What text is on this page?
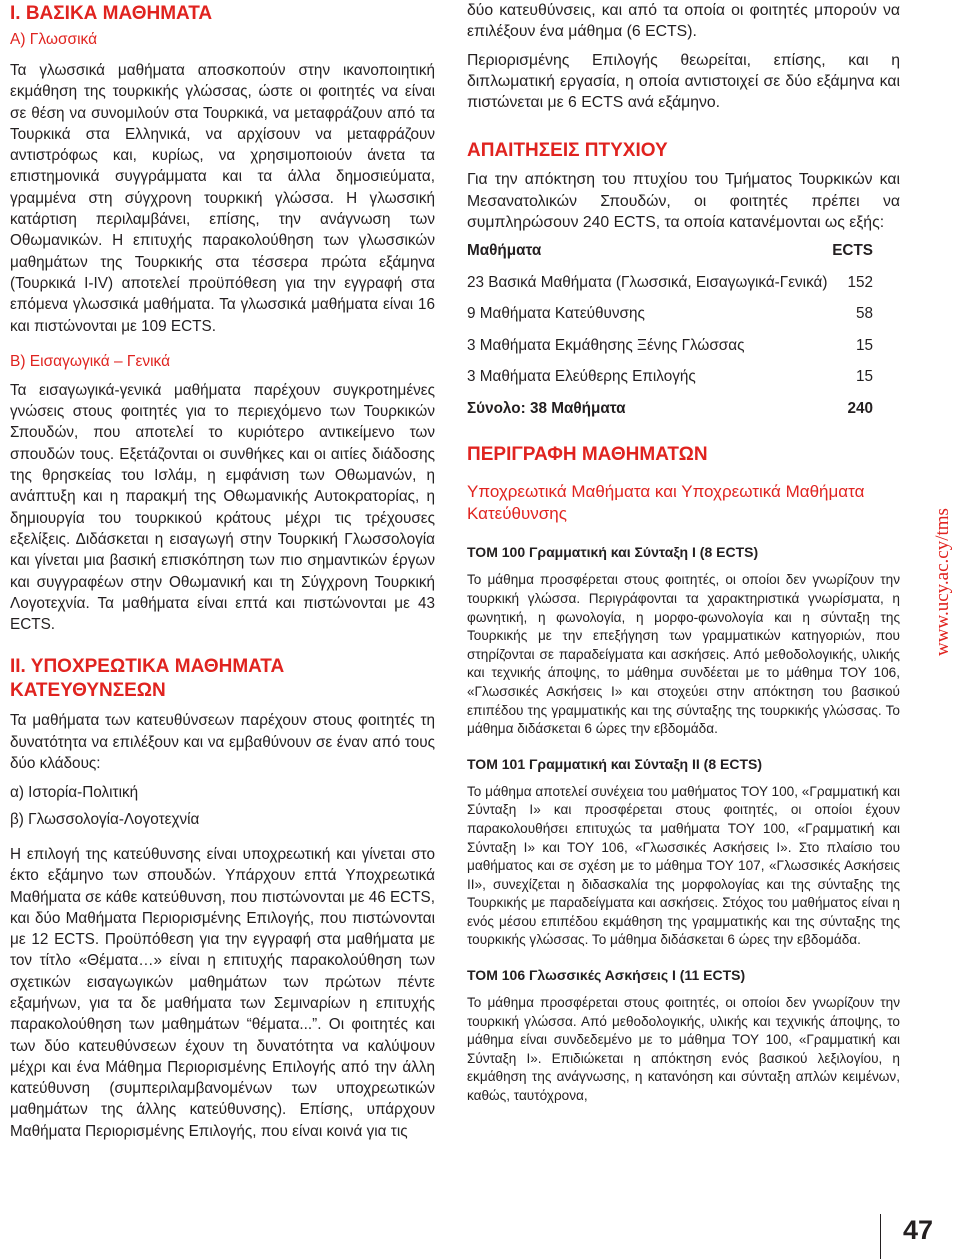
I. ΒΑΣΙΚΑ ΜΑΘΗΜΑΤΑ
Α) Γλωσσικά

Τα γλωσσικά μαθήματα αποσκοπούν στην ικανοποιητική εκμάθηση της τουρκικής γλώσσας, ώστε οι φοιτητές να είναι σε θέση να συνομιλούν στα Τουρκικά, να μεταφράζουν από τα Τουρκικά στα Ελληνικά, να αρχίσουν να μεταφράζουν αντιστρόφως και, κυρίως, να χρησιμοποιούν άνετα τα επιστημονικά συγγράμματα και τα άλλα δημοσιεύματα, γραμμένα στη σύγχρονη τουρκική γλώσσα. Η γλωσσική κατάρτιση περιλαμβάνει, επίσης, την ανάγνωση των Οθωμανικών. Η επιτυχής παρακολούθηση των γλωσσικών μαθημάτων της Τουρκικής στα τέσσερα πρώτα εξάμηνα (Τουρκικά I-IV) αποτελεί προϋπόθεση για την εγγραφή στα επόμενα γλωσσικά μαθήματα. Τα γλωσσικά μαθήματα είναι 16 και πιστώνονται με 109 ECTS.

Β) Εισαγωγικά – Γενικά

Τα εισαγωγικά-γενικά μαθήματα παρέχουν συγκροτημένες γνώσεις στους φοιτητές για το περιεχόμενο των Τουρκικών Σπουδών, που αποτελεί το κυριότερο αντικείμενο των σπουδών τους. Εξετάζονται οι συνθήκες και οι αιτίες διάδοσης της θρησκείας του Ισλάμ, η εμφάνιση των Οθωμανών, η ανάπτυξη και η παρακμή της Οθωμανικής Αυτοκρατορίας, η δημιουργία του τουρκικού κράτους μέχρι τις τρέχουσες εξελίξεις. Διδάσκεται η εισαγωγή στην Τουρκική Γλωσσολογία και γίνεται μια βασική επισκόπηση των πιο σημαντικών έργων και συγγραφέων στην Οθωμανική και τη Σύγχρονη Τουρκική Λογοτεχνία. Τα μαθήματα είναι επτά και πιστώνονται με 43 ECTS.

ΙΙ. ΥΠΟΧΡΕΩΤΙΚΑ ΜΑΘΗΜΑΤΑ ΚΑΤΕΥΘΥΝΣΕΩΝ

Τα μαθήματα των κατευθύνσεων παρέχουν στους φοιτητές τη δυνατότητα να επιλέξουν και να εμβαθύνουν σε έναν από τους δύο κλάδους:

α) Ιστορία-Πολιτική

β) Γλωσσολογία-Λογοτεχνία

Η επιλογή της κατεύθυνσης είναι υποχρεωτική και γίνεται στο έκτο εξάμηνο των σπουδών. Υπάρχουν επτά Υποχρεωτικά Μαθήματα σε κάθε κατεύθυνση, που πιστώνονται με 46 ECTS, και δύο Μαθήματα Περιορισμένης Επιλογής, που πιστώνονται με 12 ECTS. Προϋπόθεση για την εγγραφή στα μαθήματα με τον τίτλο «Θέματα…» είναι η επιτυχής παρακολούθηση των σχετικών εισαγωγικών μαθημάτων των πρώτων πέντε εξαμήνων, για τα δε μαθήματα των Σεμιναρίων η επιτυχής παρακολούθηση των μαθημάτων “θέματα...”. Οι φοιτητές και των δύο κατευθύνσεων έχουν τη δυνατότητα να καλύψουν μέχρι και ένα Μάθημα Περιορισμένης Επιλογής από την άλλη κατεύθυνση (συμπεριλαμβανομένων των υποχρεωτικών μαθημάτων της άλλης κατεύθυνσης). Επίσης, υπάρχουν Μαθήματα Περιορισμένης Επιλογής, που είναι κοινά για τις

δύο κατευθύνσεις, και από τα οποία οι φοιτητές μπορούν να επιλέξουν ένα μάθημα (6 ECTS).

Περιορισμένης Επιλογής θεωρείται, επίσης, και η διπλωματική εργασία, η οποία αντιστοιχεί σε δύο εξάμηνα και πιστώνεται με 6 ECTS ανά εξάμηνο.

ΑΠΑΙΤΗΣΕΙΣ ΠΤΥΧΙΟΥ

Για την απόκτηση του πτυχίου του Τμήματος Τουρκικών και Μεσανατολικών Σπουδών, οι φοιτητές πρέπει να συμπληρώσουν 240 ECTS, τα οποία κατανέμονται ως εξής:

Μαθήματα	ECTS
23 Βασικά Μαθήματα (Γλωσσικά, Εισαγωγικά-Γενικά)	152
9 Μαθήματα Κατεύθυνσης	58
3 Μαθήματα Εκμάθησης Ξένης Γλώσσας	15
3 Μαθήματα Ελεύθερης Επιλογής	15
Σύνολο: 38 Μαθήματα	240
ΠΕΡΙΓΡΑΦΗ ΜΑΘΗΜΑΤΩΝ
Υποχρεωτικά Μαθήματα και Υποχρεωτικά Μαθήματα Κατεύθυνσης
ΤΟΜ 100 Γραμματική και Σύνταξη I (8 ECTS)

Το μάθημα προσφέρεται στους φοιτητές, οι οποίοι δεν γνωρίζουν την τουρκική γλώσσα. Περιγράφονται τα χαρακτηριστικά γνωρίσματα, η φωνητική, η φωνολογία, η μορφο-φωνολογία και η σύνταξη της Τουρκικής με την επεξήγηση των γραμματικών κατηγοριών, που στηρίζονται σε παραδείγματα και ασκήσεις. Από μεθοδολογικής, υλικής και τεχνικής άποψης, το μάθημα συνδέεται με το μάθημα ΤΟΥ 106, «Γλωσσικές Ασκήσεις I» και στοχεύει στην απόκτηση του βασικού επιπέδου της γραμματικής και της σύνταξης της τουρκικής γλώσσας. Το μάθημα διδάσκεται 6 ώρες την εβδομάδα.

ΤΟΜ 101 Γραμματική και Σύνταξη II (8 ECTS)

Το μάθημα αποτελεί συνέχεια του μαθήματος ΤΟΥ 100, «Γραμματική και Σύνταξη I» και προσφέρεται στους φοιτητές, οι οποίοι έχουν παρακολουθήσει επιτυχώς τα μαθήματα ΤΟΥ 100, «Γραμματική και Σύνταξη I» και ΤΟΥ 106, «Γλωσσικές Ασκήσεις I». Στο πλαίσιο του μαθήματος και σε σχέση με το μάθημα ΤΟΥ 107, «Γλωσσικές Ασκήσεις II», συνεχίζεται η διδασκαλία της μορφολογίας και της σύνταξης της Τουρκικής με παραδείγματα και ασκήσεις. Στόχος του μαθήματος είναι η ενός μέσου επιπέδου εκμάθηση της γραμματικής και της σύνταξης της τουρκικής γλώσσας. Το μάθημα διδάσκεται 6 ώρες την εβδομάδα.

ΤΟΜ 106 Γλωσσικές Ασκήσεις I (11 ECTS)

Το μάθημα προσφέρεται στους φοιτητές, οι οποίοι δεν γνωρίζουν την τουρκική γλώσσα. Από μεθοδολογικής, υλικής και τεχνικής άποψης, το μάθημα είναι συνδεδεμένο με το μάθημα ΤΟΥ 100, «Γραμματική και Σύνταξη I». Επιδιώκεται η απόκτηση ενός βασικού λεξιλογίου, η εκμάθηση της ανάγνωσης, η κατανόηση και σύνταξη απλών κειμένων, καθώς, ταυτόχρονα,

www.ucy.ac.cy/tms
47
